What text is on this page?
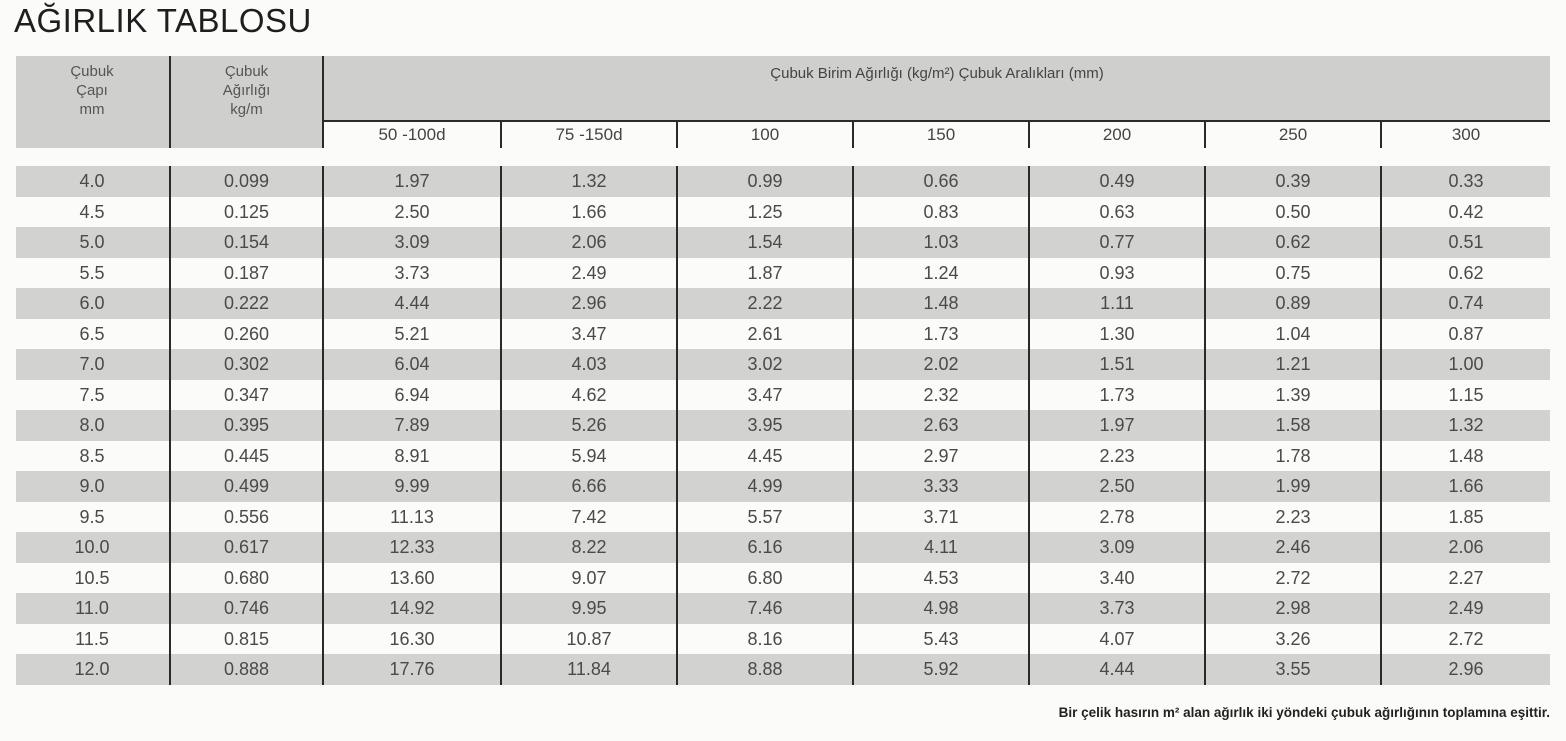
AĞIRLIK TABLOSU
Çubuk
Çapı
mm
Çubuk
Ağırlığı
kg/m
Çubuk Birim Ağırlığı (kg/m²) Çubuk Aralıkları (mm)
50 -100d	75 -150d	100	150	200	250	300
4.0	0.099	1.97	1.32	0.99	0.66	0.49	0.39	0.33
4.5	0.125	2.50	1.66	1.25	0.83	0.63	0.50	0.42
5.0	0.154	3.09	2.06	1.54	1.03	0.77	0.62	0.51
5.5	0.187	3.73	2.49	1.87	1.24	0.93	0.75	0.62
6.0	0.222	4.44	2.96	2.22	1.48	1.11	0.89	0.74
6.5	0.260	5.21	3.47	2.61	1.73	1.30	1.04	0.87
7.0	0.302	6.04	4.03	3.02	2.02	1.51	1.21	1.00
7.5	0.347	6.94	4.62	3.47	2.32	1.73	1.39	1.15
8.0	0.395	7.89	5.26	3.95	2.63	1.97	1.58	1.32
8.5	0.445	8.91	5.94	4.45	2.97	2.23	1.78	1.48
9.0	0.499	9.99	6.66	4.99	3.33	2.50	1.99	1.66
9.5	0.556	11.13	7.42	5.57	3.71	2.78	2.23	1.85
10.0	0.617	12.33	8.22	6.16	4.11	3.09	2.46	2.06
10.5	0.680	13.60	9.07	6.80	4.53	3.40	2.72	2.27
11.0	0.746	14.92	9.95	7.46	4.98	3.73	2.98	2.49
11.5	0.815	16.30	10.87	8.16	5.43	4.07	3.26	2.72
12.0	0.888	17.76	11.84	8.88	5.92	4.44	3.55	2.96
Bir çelik hasırın m² alan ağırlık iki yöndeki çubuk ağırlığının toplamına eşittir.
